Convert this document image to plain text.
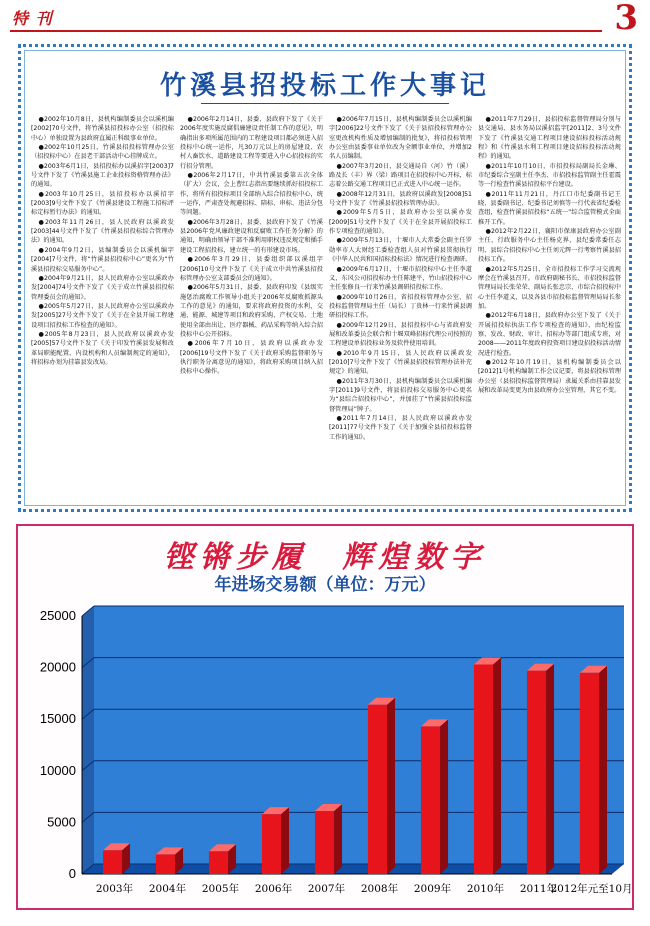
特 刊	3
竹溪县招投标工作大事记

●2002年10月8日，县机构编制委员会以溪机编[2002]70号文件，将竹溪县招投标办公室（招投标中心）单独设置为县政府直属正科级事业单位。

●2002年10月25日，竹溪县招投标管理办公室（招投标中心）在县老干部活动中心挂牌成立。

●2003年6月1日，县招投标办以溪招字[2003]7号文件下发了《竹溪县施工企业投标资格管理办法》的通知。

●2003年10月25日，县招投标办以溪招字[2003]9号文件下发了《竹溪县建设工程施工招标评标定标暂行办法》的通知。

●2003年11月26日，县人民政府以溪政发[2003]44号文件下发了《竹溪县招投标综合管理办法》的通知。

●2004年9月2日，县编制委员会以溪机编字[2004]7号文件，将“竹溪县招投标中心”更名为“竹溪县招投标交易服务中心”。

●2004年9月21日，县人民政府办公室以溪政办发[2004]74号文件下发了《关于成立竹溪县招投标管理委员会的通知》。

●2005年5月27日，县人民政府办公室以溪政办发[2005]27号文件下发了《关于在全县开展工程建设项目招投标工作检查的通知》。

●2005年8月23日，县人民政府以溪政办发[2005]57号文件下发了《关于印发竹溪县发展和改革局职能配置、内设机构和人员编制规定的通知》，将招标办划为挂靠县发改局。

●2006年2月14日，县委、县政府下发了《关于2006年度实施反腐倡廉建设责任制工作的意见》，明确指出多项所属范围内的工程建设项目都必须进入招投标中心统一运作，凡30万元以上的房屋建设、农村人畜饮水、道路建设工程等要进入中心招投标的实行招分管理。

●2006年2月17日，中共竹溪县委第五次全体（扩大）会议，会上曹红志指出要继续抓好招投标工作，将所有招投标项目全部纳入综合招投标中心，统一运作，严肃查处规避招标、陪标、串标、违法分包等问题。

●2006年3月28日，县委、县政府下发了《竹溪县2006年党风廉政建设和反腐败工作任务分解》的通知，明确由领导干部不准利用职权违反规定和插手建设工程招投标，建立统一的有形建设市场。

●2006年3月29日，县委组织部以溪组字[2006]10号文件下发了《关于成立中共竹溪县招投标管理办公室支部委员会的通知》。

●2006年5月31日，县委、县政府印发《县级实施惩治腐败工作领导小组关于2006年反腐败抓源头工作的意见》的通知，要求将政府投资的水利、交通、能源、城建等项目和政府采购、产权交易、土地使用全部由出让、医疗器械、药品采购等纳入综合招投标中心公开招标。

●2006年7月10日，县政府以溪政办发[2006]19号文件下发了《关于政府采购监督职务与执行职务分离意见的通知》，将政府采购项目纳入招投标中心操作。

●2006年7月15日，县机构编制委员会以溪机编字[2006]22号文件下发了《关于县招投标管理办公室更改机构性质及增加编制的批复》，将招投标管理办公室由县委事业单位改为全额事业单位，并增加2名人员编制。

●2007年3月20日，县交通局自（河）竹（溪）路及长（丰）界（梁）路项目在招投标中心开标，标志着公路交通工程项目已正式进入中心统一运作。

●2008年12月31日，县政府以溪政发[2008]51号文件下发了《竹溪县招投标管理办法》。

●2009年5月5日，县政府办公室以溪办发[2009]51号文件下发了《关于在全县开展招投标工作专项检查的通知》。

●2009年5月13日，十堰市人大常委会副主任罗勋率市人大财经工委检查组人员对竹溪县贯彻执行《中华人民共和国招标投标法》情况进行检查调研。

●2009年6月17日，十堰市招投标中心主任李道义，东风公司招投标办主任陈建平，竹山招投标中心主任张修良一行来竹溪县调研招投标工作。

●2009年10月26日，省招投标管理办公室、招投标监督管理局主任（局长）丁贵林一行来竹溪县调研招投标工作。

●2009年12月29日，县招投标中心与省政府发展和改革委员会联合和十堰双峰招标代理公司按照的工程建设单招投标业务及软件使用培训。

●2010年9月15日，县人民政府以溪政发[2010]7号文件下发了《竹溪县招投标管理办法补充规定》的通知。

●2011年3月30日，县机构编制委员会以溪机编字[2011]9号文件，将县招投标交易服务中心更名为“县综合招投标中心”，并加挂了“竹溪县招投标监督管理局”牌子。

●2011年7月14日，县人民政府以溪政办发[2011]77号文件下发了《关于加强全县招投标监督工作的通知》。

●2011年7月29日，县招投标监督管理局分别与县交通局、县水务局以溪招监字[2011]2、3号文件下发了《竹溪县交通工程项目建设招标投标活动规程》和《竹溪县水利工程项目建设招标投标活动规程》的通知。

●2011年10月10日，市招投标局副局长金琳、市纪委综合室副主任李杰、市招投标监管副主任霍震等一行检查竹溪县招投标平台建设。

●2011年11月21日，丹江口市纪委副书记王晓、县委副书记、纪委书记刘慎等一行代表省纪委检查组，检查竹溪县招投标“五统一”综合监管模式全面推开工作。

●2012年2月22日，襄阳市保康县政府办公室副主任、行政服务中心主任杨克界、县纪委常委任志明、县综合招投标中心主任刘元辉一行考察竹溪县招投标工作。

●2012年5月25日，全市招投标工作学习交流观摩会在竹溪县召开。市政府副秘书长、市招投标监督管理局局长张荣荣、副局长张忠宗、市综合招投标中心主任李道义，以及各县市招投标监督管理局局长参加。

●2012年6月18日，县政府办公室下发了《关于开展招投标执法工作专项检查的通知》，由纪检监察、发改、财政、审计、招标办等部门组成专班，对2008——2011年度政府投资项目建设招投标活动情况进行检查。

●2012年10月19日，县机构编制委员会以[2012]1号机构编制工作会议记要，将县招投标管理办公室（县招投标监督管理局）隶属关系由挂靠县发展和改革局变更为由县政府办公室管理，其它不变。

铿锵步履 辉煌数字
年进场交易额（单位：万元）
0
5000
10000
15000
20000
25000
2003年 2004年 2005年 2006年 2007年 2008年 2009年 2010年 2011年
2012年元至10月
